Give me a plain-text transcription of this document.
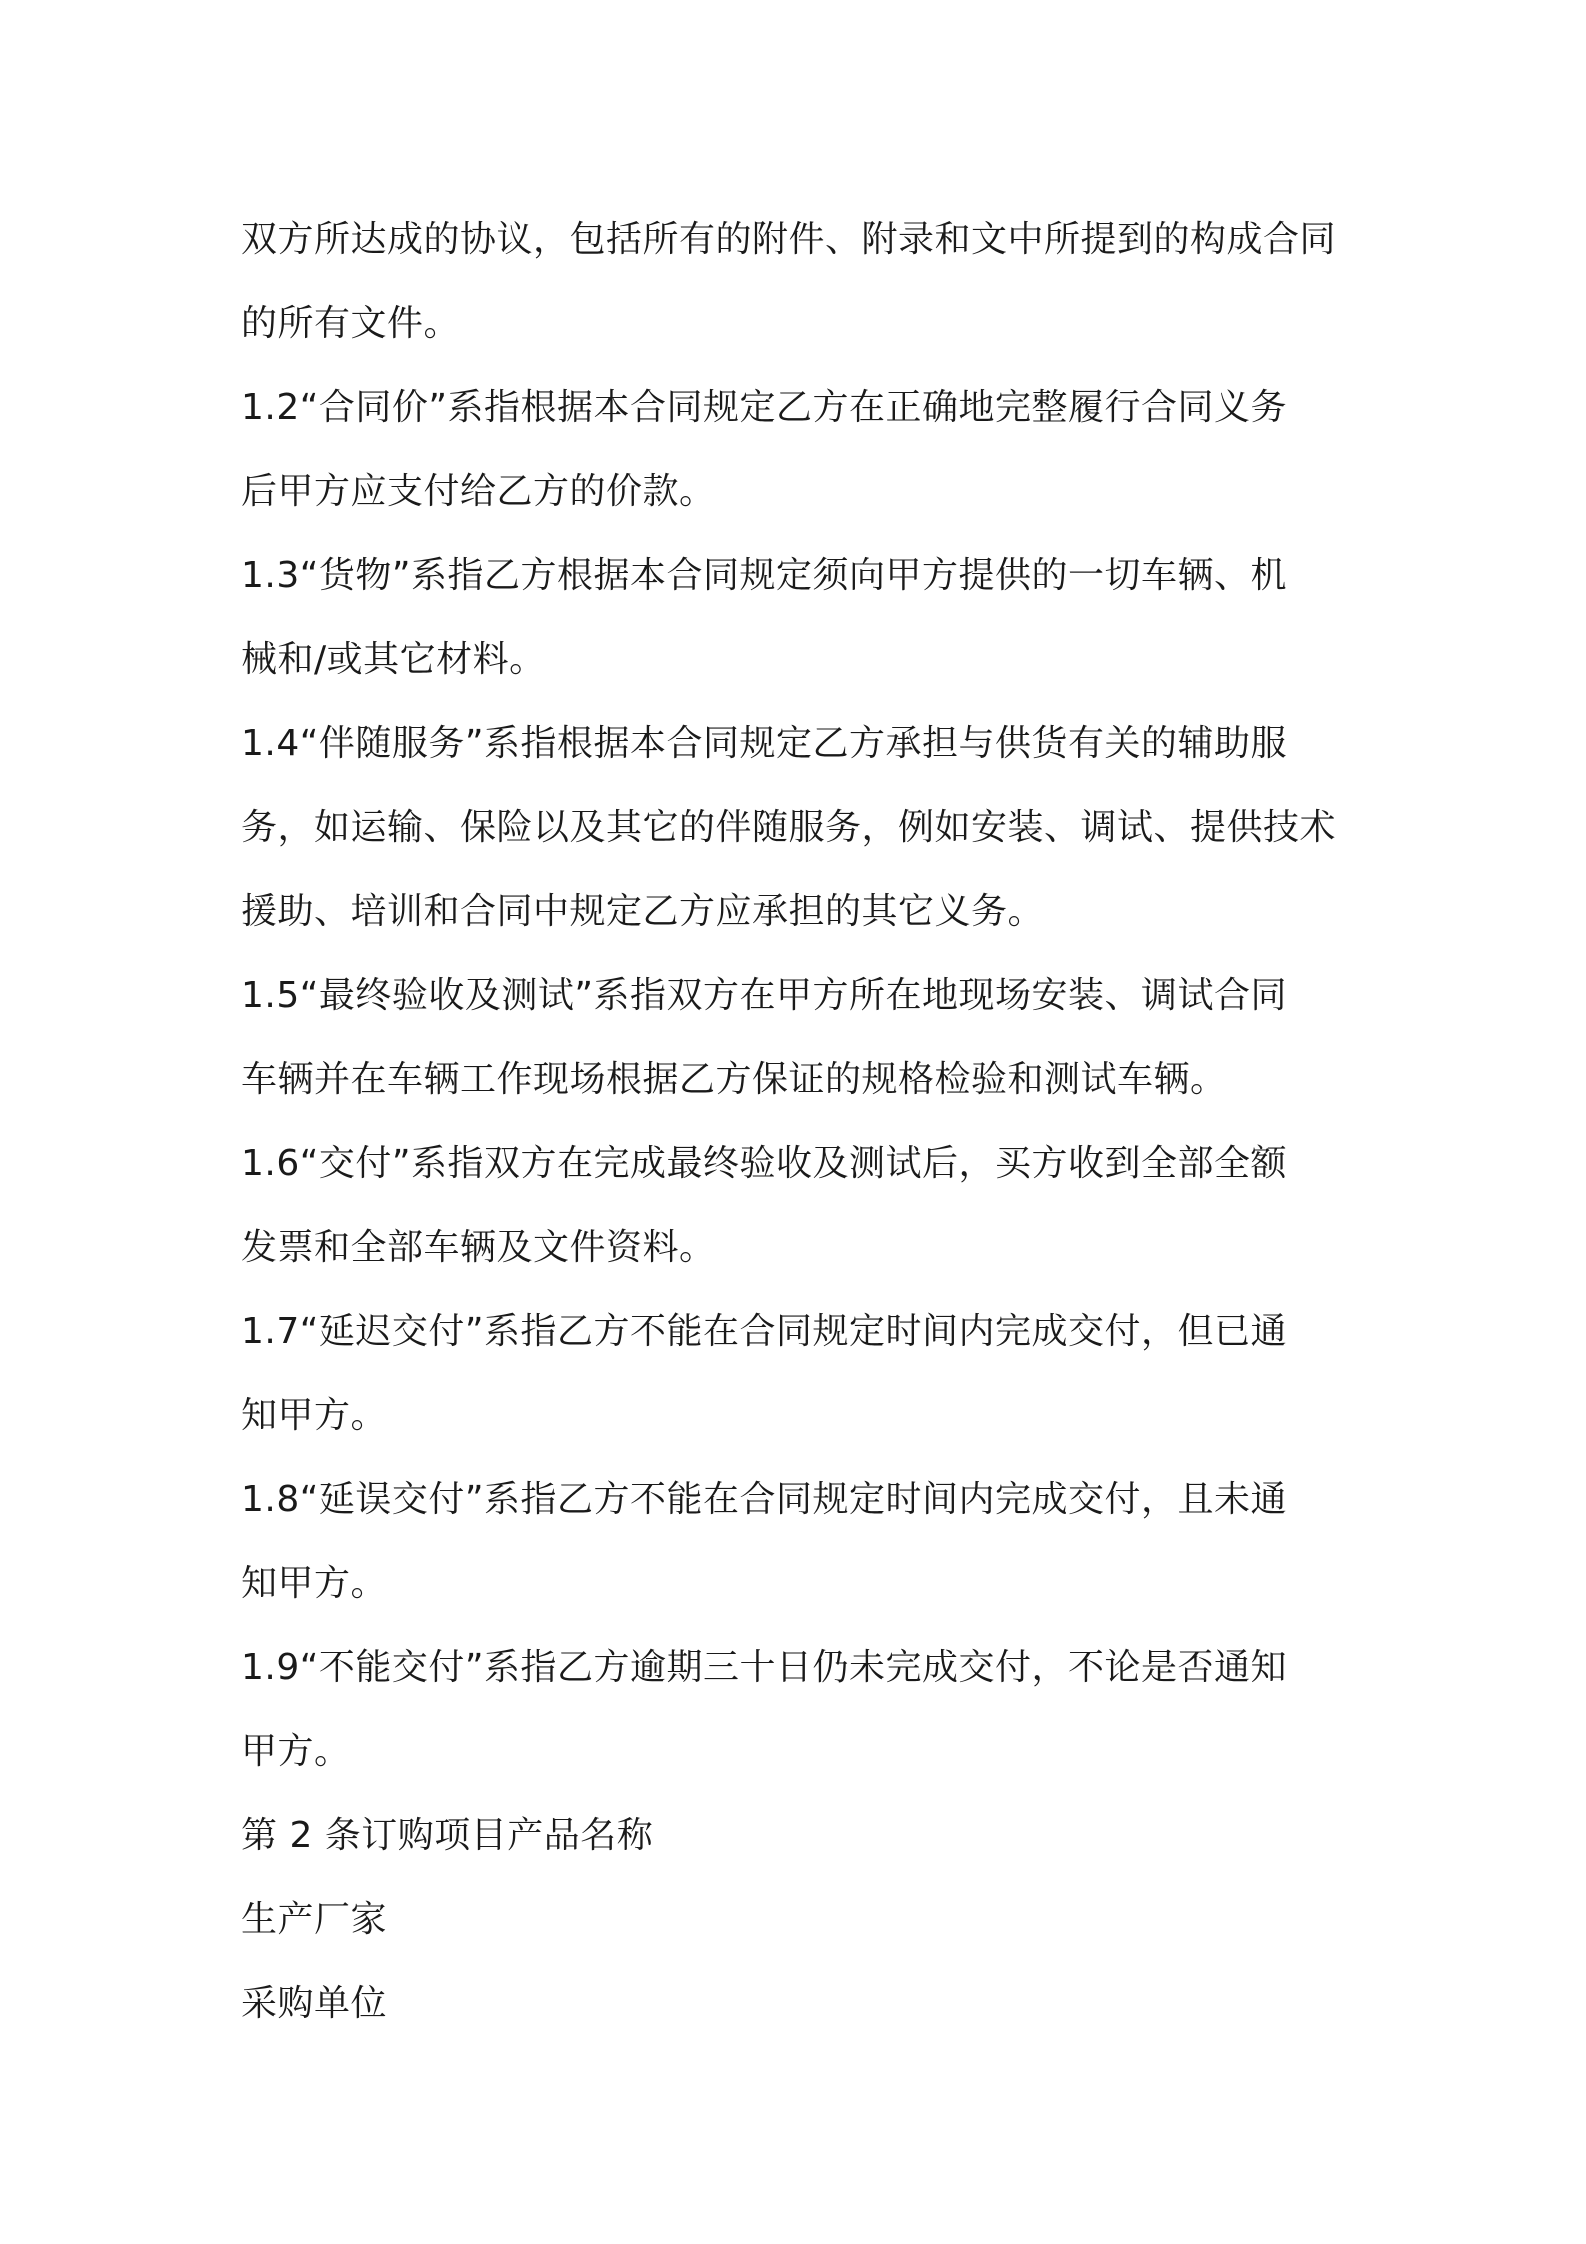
双方所达成的协议，包括所有的附件、附录和文中所提到的构成合同
的所有文件。

1.2“合同价”系指根据本合同规定乙方在正确地完整履行合同义务
后甲方应支付给乙方的价款。

1.3“货物”系指乙方根据本合同规定须向甲方提供的一切车辆、机
械和/或其它材料。

1.4“伴随服务”系指根据本合同规定乙方承担与供货有关的辅助服
务，如运输、保险以及其它的伴随服务，例如安装、调试、提供技术
援助、培训和合同中规定乙方应承担的其它义务。

1.5“最终验收及测试”系指双方在甲方所在地现场安装、调试合同
车辆并在车辆工作现场根据乙方保证的规格检验和测试车辆。

1.6“交付”系指双方在完成最终验收及测试后，买方收到全部全额
发票和全部车辆及文件资料。

1.7“延迟交付”系指乙方不能在合同规定时间内完成交付，但已通
知甲方。

1.8“延误交付”系指乙方不能在合同规定时间内完成交付，且未通
知甲方。

1.9“不能交付”系指乙方逾期三十日仍未完成交付，不论是否通知
甲方。

第 2 条订购项目产品名称

生产厂家

采购单位
